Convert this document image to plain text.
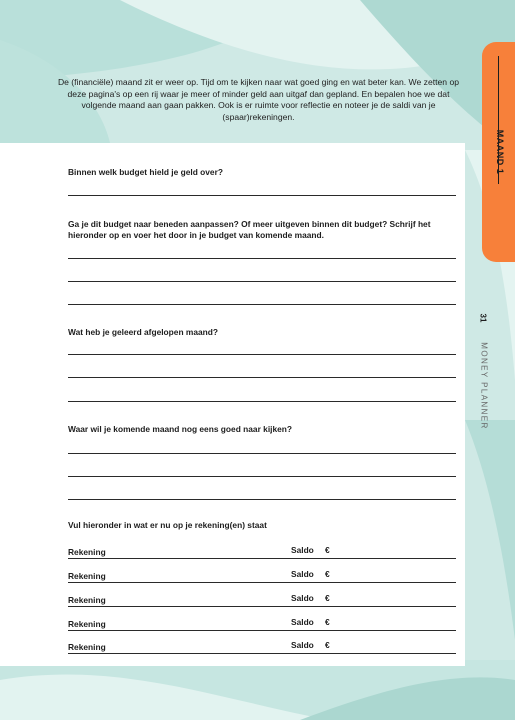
De (financiële) maand zit er weer op. Tijd om te kijken naar wat goed ging en wat beter kan. We zetten op deze pagina's op een rij waar je meer of minder geld aan uitgaf dan gepland. En bepalen hoe we dat volgende maand aan gaan pakken. Ook is er ruimte voor reflectie en noteer je de saldi van je (spaar)rekeningen.
MAAND 1
31
MONEY PLANNER
Binnen welk budget hield je geld over?
Ga je dit budget naar beneden aanpassen? Of meer uitgeven binnen dit budget? Schrijf het hieronder op en voer het door in je budget van komende maand.
Wat heb je geleerd afgelopen maand?
Waar wil je komende maand nog eens goed naar kijken?
Vul hieronder in wat er nu op je rekening(en) staat
Rekening	Saldo €
Rekening	Saldo €
Rekening	Saldo €
Rekening	Saldo €
Rekening	Saldo €
